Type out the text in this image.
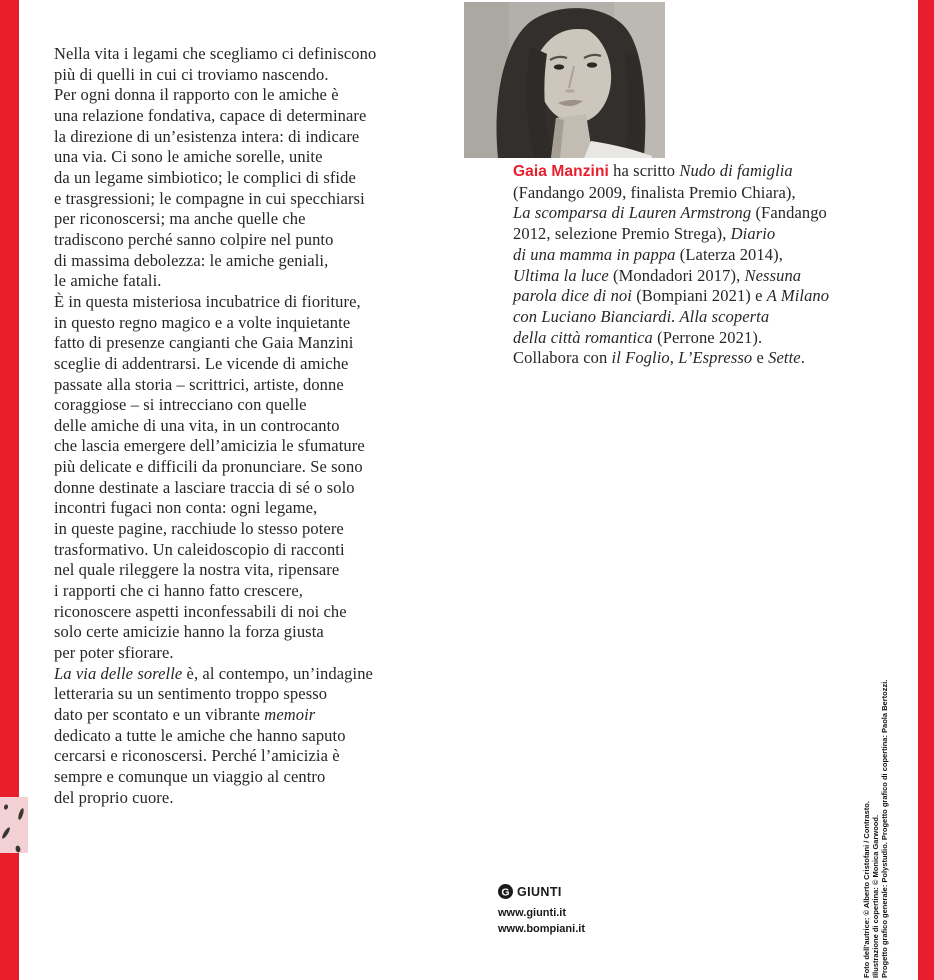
Nella vita i legami che scegliamo ci definiscono
più di quelli in cui ci troviamo nascendo.
Per ogni donna il rapporto con le amiche è
una relazione fondativa, capace di determinare
la direzione di un’esistenza intera: di indicare
una via. Ci sono le amiche sorelle, unite
da un legame simbiotico; le complici di sfide
e trasgressioni; le compagne in cui specchiarsi
per riconoscersi; ma anche quelle che
tradiscono perché sanno colpire nel punto
di massima debolezza: le amiche geniali,
le amiche fatali.
È in questa misteriosa incubatrice di fioriture,
in questo regno magico e a volte inquietante
fatto di presenze cangianti che Gaia Manzini
sceglie di addentrarsi. Le vicende di amiche
passate alla storia – scrittrici, artiste, donne
coraggiose – si intrecciano con quelle
delle amiche di una vita, in un controcanto
che lascia emergere dell’amicizia le sfumature
più delicate e difficili da pronunciare. Se sono
donne destinate a lasciare traccia di sé o solo
incontri fugaci non conta: ogni legame,
in queste pagine, racchiude lo stesso potere
trasformativo. Un caleidoscopio di racconti
nel quale rileggere la nostra vita, ripensare
i rapporti che ci hanno fatto crescere,
riconoscere aspetti inconfessabili di noi che
solo certe amicizie hanno la forza giusta
per poter sfiorare.
La via delle sorelle è, al contempo, un’indagine
letteraria su un sentimento troppo spesso
dato per scontato e un vibrante memoir
dedicato a tutte le amiche che hanno saputo
cercarsi e riconoscersi. Perché l’amicizia è
sempre e comunque un viaggio al centro
del proprio cuore.
Gaia Manzini ha scritto Nudo di famiglia
(Fandango 2009, finalista Premio Chiara),
La scomparsa di Lauren Armstrong (Fandango
2012, selezione Premio Strega), Diario
di una mamma in pappa (Laterza 2014),
Ultima la luce (Mondadori 2017), Nessuna
parola dice di noi (Bompiani 2021) e A Milano
con Luciano Bianciardi. Alla scoperta
della città romantica (Perrone 2021).
Collabora con il Foglio, L’Espresso e Sette.
G GIUNTI
www.giunti.it
www.bompiani.it	Foto dell’autrice: © Alberto Cristofani / Contrasto. Illustrazione di copertina: © Monica Garwood. Progetto grafico generale: Polystudio. Progetto grafico di copertina: Paola Bertozzi.
